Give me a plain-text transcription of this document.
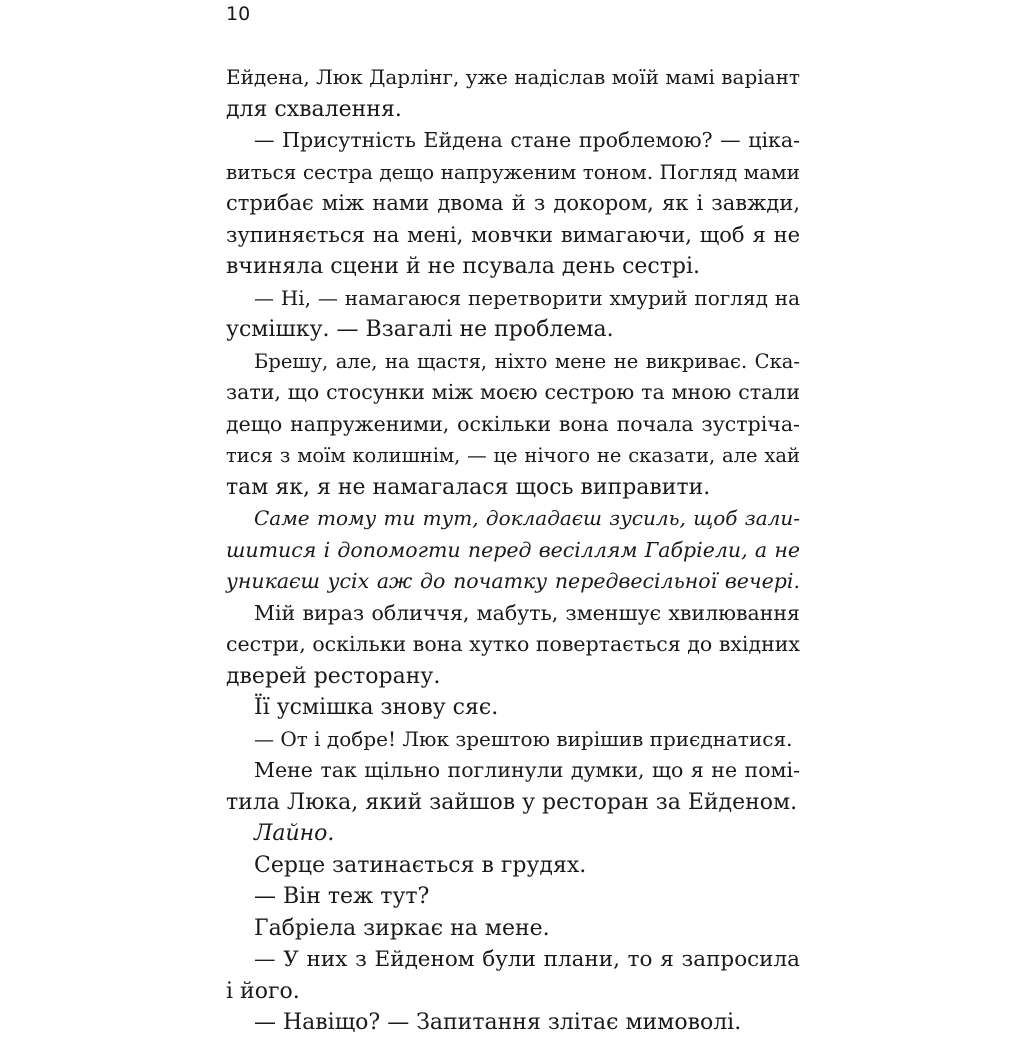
10
Ейдена, Люк Дарлінг, уже надіслав моїй мамі варіант
для схвалення.
— Присутність Ейдена стане проблемою? — ціка-
виться сестра дещо напруженим тоном. Погляд мами
стрибає між нами двома й з докором, як і завжди,
зупиняється на мені, мовчки вимагаючи, щоб я не
вчиняла сцени й не псувала день сестрі.
— Ні, — намагаюся перетворити хмурий погляд на
усмішку. — Взагалі не проблема.
Брешу, але, на щастя, ніхто мене не викриває. Ска-
зати, що стосунки між моєю сестрою та мною стали
дещо напруженими, оскільки вона почала зустріча-
тися з моїм колишнім, — це нічого не сказати, але хай
там як, я не намагалася щось виправити.
Саме тому ти тут, докладаєш зусиль, щоб зали-
шитися і допомогти перед весіллям Габріели, а не
уникаєш усіх аж до початку передвесільної вечері.
Мій вираз обличчя, мабуть, зменшує хвилювання
сестри, оскільки вона хутко повертається до вхідних
дверей ресторану.
Її усмішка знову сяє.
— От і добре! Люк зрештою вирішив приєднатися.
Мене так щільно поглинули думки, що я не помі-
тила Люка, який зайшов у ресторан за Ейденом.
Лайно.
Серце затинається в грудях.
— Він теж тут?
Габріела зиркає на мене.
— У них з Ейденом були плани, то я запросила
і його.
— Навіщо? — Запитання злітає мимоволі.
